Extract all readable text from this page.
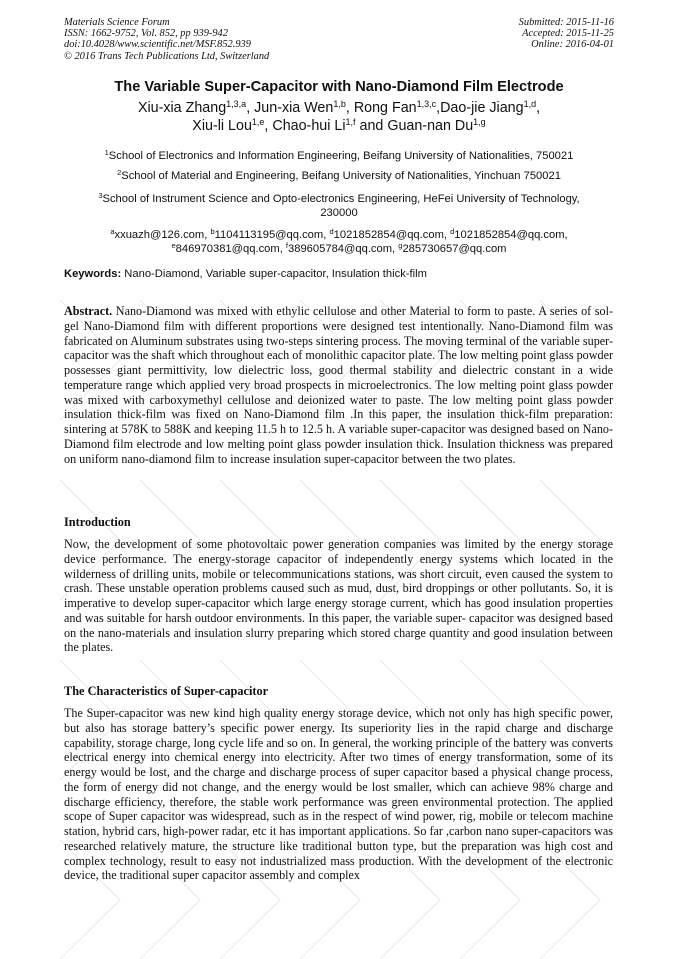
Materials Science Forum
ISSN: 1662-9752, Vol. 852, pp 939-942
doi:10.4028/www.scientific.net/MSF.852.939
© 2016 Trans Tech Publications Ltd, Switzerland
Submitted: 2015-11-16
Accepted: 2015-11-25
Online: 2016-04-01
The Variable Super-Capacitor with Nano-Diamond Film Electrode
Xiu-xia Zhang$^{1,3,a}$, Jun-xia Wen$^{1,b}$, Rong Fan$^{1,3,c}$,Dao-jie Jiang$^{1,d}$,
Xiu-li Lou$^{1,e}$, Chao-hui Li$^{1,f}$ and Guan-nan Du$^{1,g}$
$^1$School of Electronics and Information Engineering, Beifang University of Nationalities, 750021
$^2$School of Material and Engineering, Beifang University of Nationalities, Yinchuan 750021
$^3$School of Instrument Science and Opto-electronics Engineering, HeFei University of Technology,
230000
$^a$xxuazh@126.com, $^b$1104113195@qq.com, $^d$1021852854@qq.com, $^d$1021852854@qq.com,
$^e$846970381@qq.com, $^f$389605784@qq.com, $^g$285730657@qq.com
Keywords: Nano-Diamond, Variable super-capacitor, Insulation thick-film
Abstract. Nano-Diamond was mixed with ethylic cellulose and other Material to form to paste. A series of sol-gel Nano-Diamond film with different proportions were designed test intentionally. Nano-Diamond film was fabricated on Aluminum substrates using two-steps sintering process. The moving terminal of the variable super-capacitor was the shaft which throughout each of monolithic capacitor plate. The low melting point glass powder possesses giant permittivity, low dielectric loss, good thermal stability and dielectric constant in a wide temperature range which applied very broad prospects in microelectronics. The low melting point glass powder was mixed with carboxymethyl cellulose and deionized water to paste. The low melting point glass powder insulation thick-film was fixed on Nano-Diamond film .In this paper, the insulation thick-film preparation: sintering at 578K to 588K and keeping 11.5 h to 12.5 h. A variable super-capacitor was designed based on Nano-Diamond film electrode and low melting point glass powder insulation thick. Insulation thickness was prepared on uniform nano-diamond film to increase insulation super-capacitor between the two plates.
Introduction
Now, the development of some photovoltaic power generation companies was limited by the energy storage device performance. The energy-storage capacitor of independently energy systems which located in the wilderness of drilling units, mobile or telecommunications stations, was short circuit, even caused the system to crash. These unstable operation problems caused such as mud, dust, bird droppings or other pollutants. So, it is imperative to develop super-capacitor which large energy storage current, which has good insulation properties and was suitable for harsh outdoor environments. In this paper, the variable super- capacitor was designed based on the nano-materials and insulation slurry preparing which stored charge quantity and good insulation between the plates.
The Characteristics of Super-capacitor
The Super-capacitor was new kind high quality energy storage device, which not only has high specific power, but also has storage battery’s specific power energy. Its superiority lies in the rapid charge and discharge capability, storage charge, long cycle life and so on. In general, the working principle of the battery was converts electrical energy into chemical energy into electricity. After two times of energy transformation, some of its energy would be lost, and the charge and discharge process of super capacitor based a physical change process, the form of energy did not change, and the energy would be lost smaller, which can achieve 98% charge and discharge efficiency, therefore, the stable work performance was green environmental protection. The applied scope of Super capacitor was widespread, such as in the respect of wind power, rig, mobile or telecom machine station, hybrid cars, high-power radar, etc it has important applications. So far ,carbon nano super-capacitors was researched relatively mature, the structure like traditional button type, but the preparation was high cost and complex technology, result to easy not industrialized mass production. With the development of the electronic device, the traditional super capacitor assembly and complex
